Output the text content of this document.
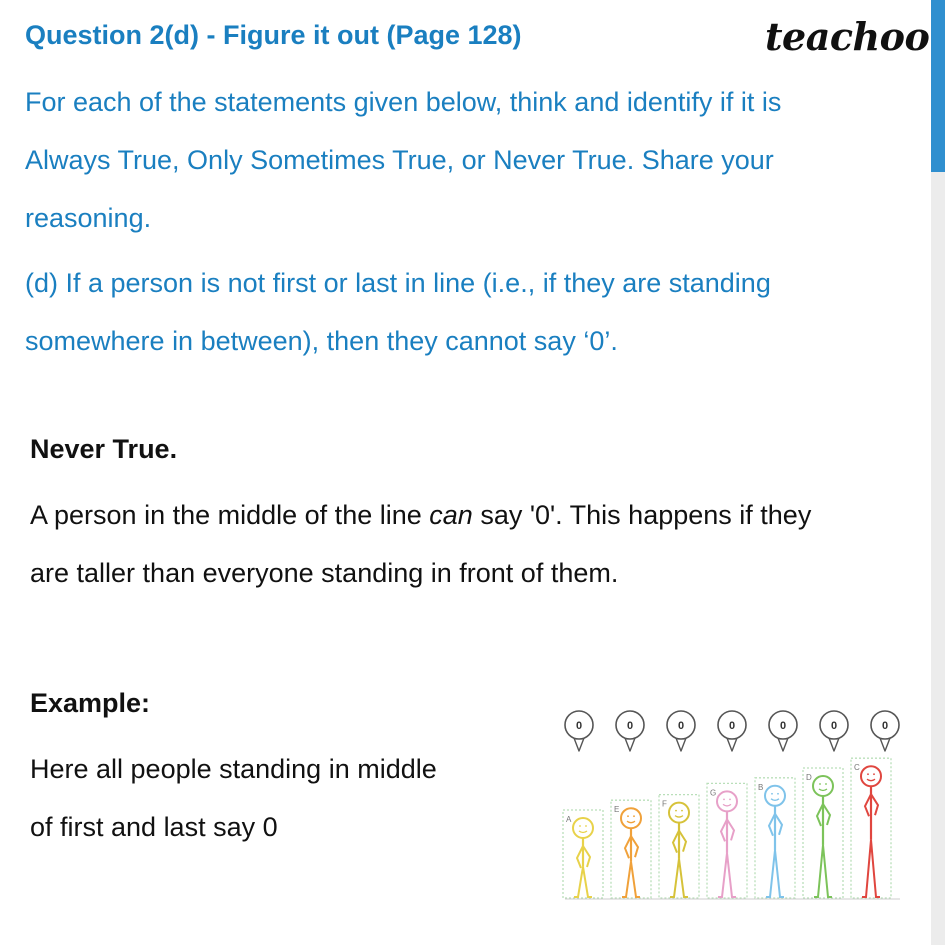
Question 2(d) - Figure it out (Page 128)	teachoo
For each of the statements given below, think and identify if it is
Always True, Only Sometimes True, or Never True. Share your
reasoning.
(d) If a person is not first or last in line (i.e., if they are standing
somewhere in between), then they cannot say ‘0’.
Never True.
A person in the middle of the line can say '0'. This happens if they
are taller than everyone standing in front of them.
Example:
Here all people standing in middle
of first and last say 0	A
0
E
0
F
0
G
0
B
0
D
0
C
0
